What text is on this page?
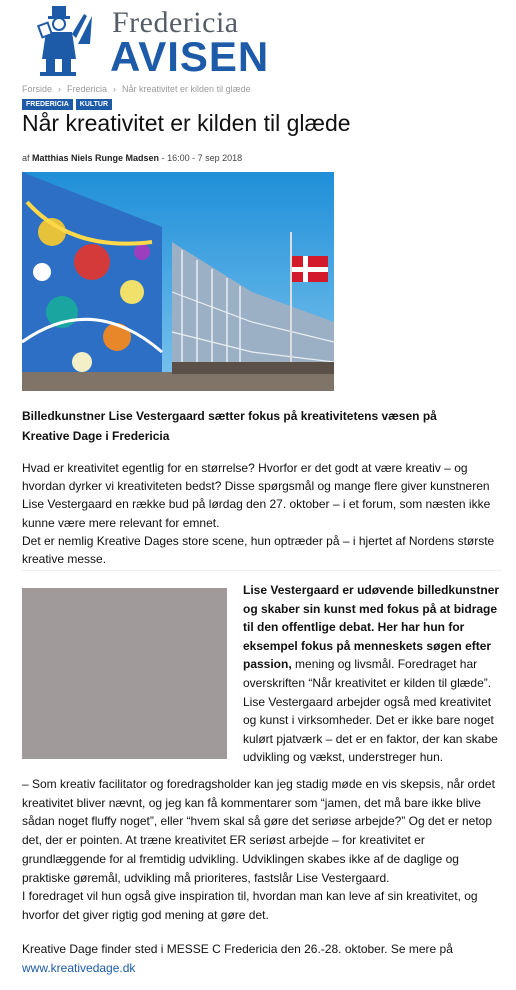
Fredericia
AVISEN
Forside › Fredericia › Når kreativitet er kilden til glæde
FREDERICIA	KULTUR
Når kreativitet er kilden til glæde
af Matthias Niels Runge Madsen - 16:00 - 7 sep 2018
Billedkunstner Lise Vestergaard sætter fokus på kreativitetens væsen på Kreative Dage i Fredericia

Hvad er kreativitet egentlig for en størrelse? Hvorfor er det godt at være kreativ – og hvordan dyrker vi kreativiteten bedst? Disse spørgsmål og mange flere giver kunstneren Lise Vestergaard en række bud på lørdag den 27. oktober – i et forum, som næsten ikke kunne være mere relevant for emnet.

Det er nemlig Kreative Dages store scene, hun optræder på – i hjertet af Nordens største kreative messe.

Lise Vestergaard er udøvende billedkunstner og skaber sin kunst med fokus på at bidrage til den offentlige debat. Her har hun for eksempel fokus på menneskets søgen efter passion, mening og livsmål. Foredraget har overskriften “Når kreativitet er kilden til glæde”.

Lise Vestergaard arbejder også med kreativitet og kunst i virksomheder. Det er ikke bare noget kulørt pjatværk – det er en faktor, der kan skabe udvikling og vækst, understreger hun.

– Som kreativ facilitator og foredragsholder kan jeg stadig møde en vis skepsis, når ordet kreativitet bliver nævnt, og jeg kan få kommentarer som “jamen, det må bare ikke blive sådan noget fluffy noget”, eller “hvem skal så gøre det seriøse arbejde?” Og det er netop det, der er pointen. At træne kreativitet ER seriøst arbejde – for kreativitet er grundlæggende for al fremtidig udvikling. Udviklingen skabes ikke af de daglige og praktiske gøremål, udvikling må prioriteres, fastslår Lise Vestergaard.

I foredraget vil hun også give inspiration til, hvordan man kan leve af sin kreativitet, og hvorfor det giver rigtig god mening at gøre det.

Kreative Dage finder sted i MESSE C Fredericia den 26.-28. oktober. Se mere på

www.kreativedage.dk
